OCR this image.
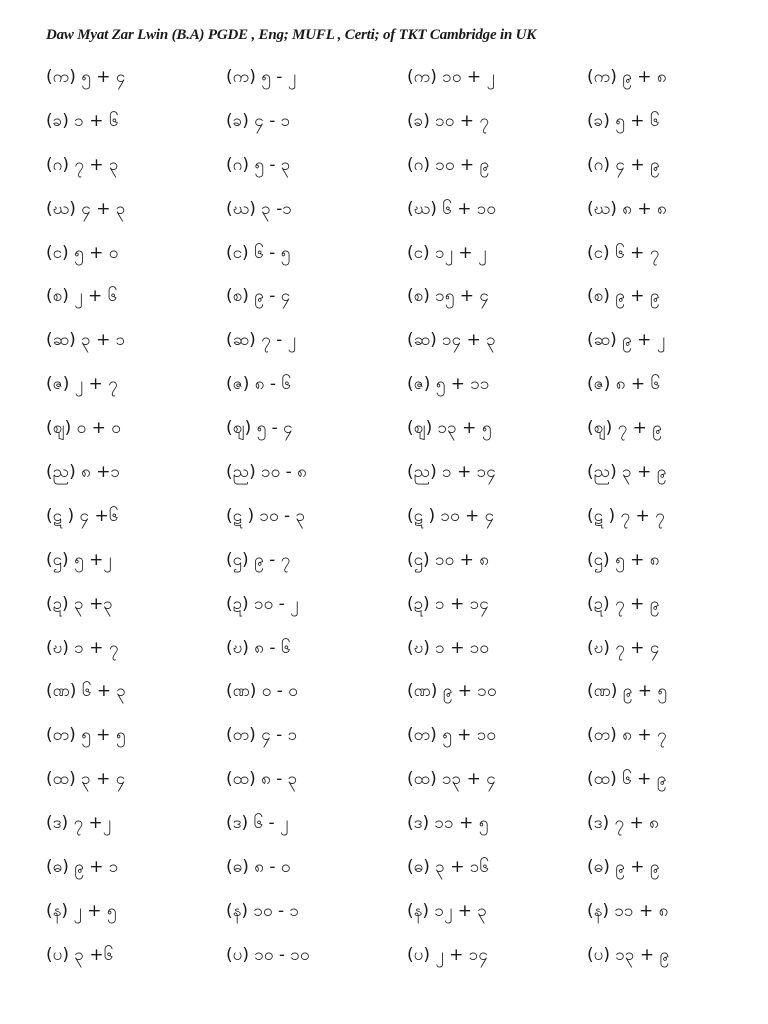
Daw Myat Zar Lwin (B.A) PGDE , Eng; MUFL , Certi; of TKT Cambridge in UK
(က) ၅ + ၄	(က) ၅ - ၂	(က) ၁၀ + ၂	(က) ၉ + ၈
(ခ) ၁ + ၆	(ခ) ၄ - ၁	(ခ) ၁၀ + ၇	(ခ) ၅ + ၆
(ဂ) ၇ + ၃	(ဂ) ၅ - ၃	(ဂ) ၁၀ + ၉	(ဂ) ၄ + ၉
(ဃ) ၄ + ၃	(ဃ) ၃ -၁	(ဃ) ၆ + ၁၀	(ဃ) ၈ + ၈
(င) ၅ + ၀	(င) ၆ - ၅	(င) ၁၂ + ၂	(င) ၆ + ၇
(စ) ၂ + ၆	(စ) ၉ - ၄	(စ) ၁၅ + ၄	(စ) ၉ + ၉
(ဆ) ၃ + ၁	(ဆ) ၇ - ၂	(ဆ) ၁၄ + ၃	(ဆ) ၉ + ၂
(ဇ) ၂ + ၇	(ဇ) ၈ - ၆	(ဇ) ၅ + ၁၁	(ဇ) ၈ + ၆
(ဈ) ၀ + ၀	(ဈ) ၅ - ၄	(ဈ) ၁၃ + ၅	(ဈ) ၇ + ၉
(ည) ၈ +၁	(ည) ၁၀ - ၈	(ည) ၁ + ၁၄	(ည) ၃ + ၉
(ဋ ) ၄ +၆	(ဋ ) ၁၀ - ၃	(ဋ ) ၁၀ + ၄	(ဋ ) ၇ + ၇
(ဌ) ၅ +၂	(ဌ) ၉ - ၇	(ဌ) ၁၀ + ၈	(ဌ) ၅ + ၈
(ဍ) ၃ +၃	(ဍ) ၁၀ - ၂	(ဍ) ၁ + ၁၄	(ဍ) ၇ + ၉
(ဎ) ၁ + ၇	(ဎ) ၈ - ၆	(ဎ) ၁ + ၁၀	(ဎ) ၇ + ၄
(ဏ) ၆ + ၃	(ဏ) ၀ - ၀	(ဏ) ၉ + ၁၀	(ဏ) ၉ + ၅
(တ) ၅ + ၅	(တ) ၄ - ၁	(တ) ၅ + ၁၀	(တ) ၈ + ၇
(ထ) ၃ + ၄	(ထ) ၈ - ၃	(ထ) ၁၃ + ၄	(ထ) ၆ + ၉
(ဒ) ၇ +၂	(ဒ) ၆ - ၂	(ဒ) ၁၁ + ၅	(ဒ) ၇ + ၈
(ဓ) ၉ + ၁	(ဓ) ၈ - ၀	(ဓ) ၃ + ၁၆	(ဓ) ၉ + ၉
(န) ၂ + ၅	(န) ၁၀ - ၁	(န) ၁၂ + ၃	(န) ၁၁ + ၈
(ပ) ၃ +၆	(ပ) ၁၀ - ၁၀	(ပ) ၂ + ၁၄	(ပ) ၁၃ + ၉
